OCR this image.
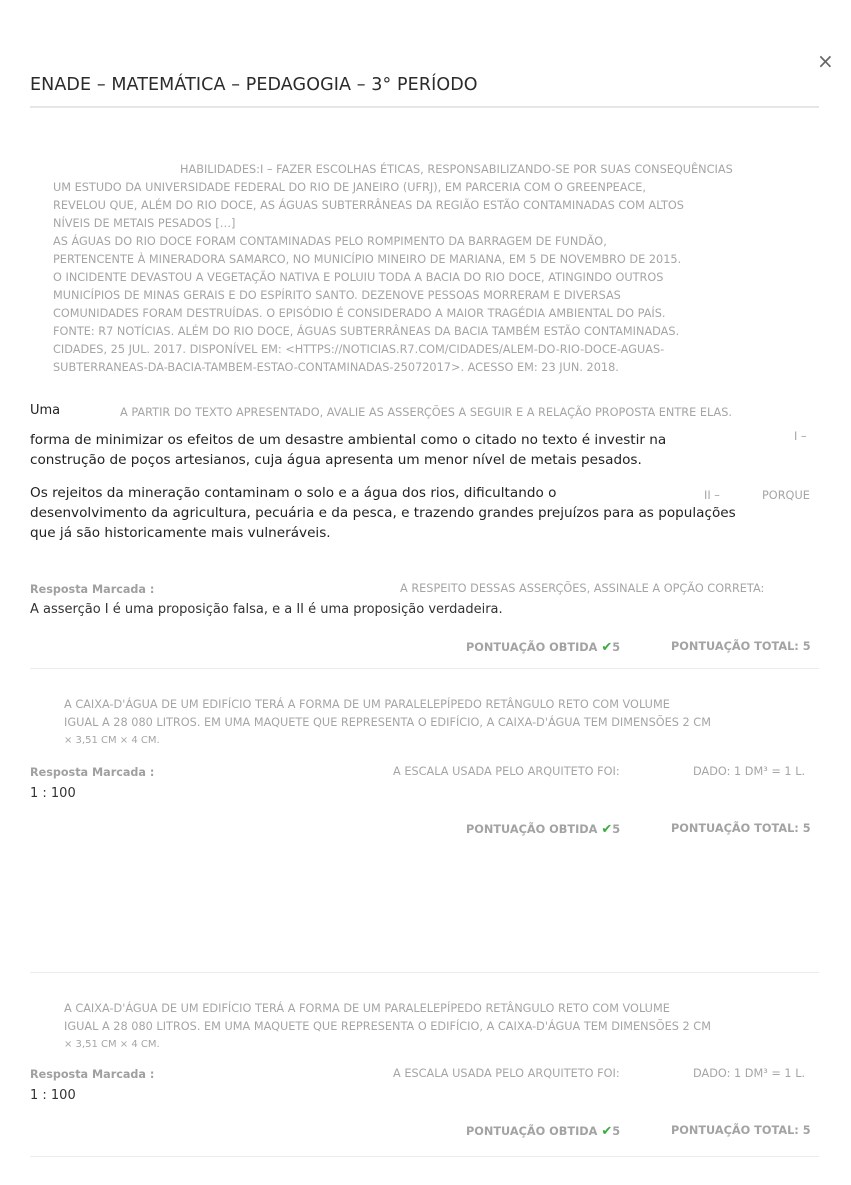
×
ENADE – MATEMÁTICA – PEDAGOGIA – 3° PERÍODO
HABILIDADES:I – FAZER ESCOLHAS ÉTICAS, RESPONSABILIZANDO-SE POR SUAS CONSEQUÊNCIAS
UM ESTUDO DA UNIVERSIDADE FEDERAL DO RIO DE JANEIRO (UFRJ), EM PARCERIA COM O GREENPEACE,
REVELOU QUE, ALÉM DO RIO DOCE, AS ÁGUAS SUBTERRÂNEAS DA REGIÃO ESTÃO CONTAMINADAS COM ALTOS
NÍVEIS DE METAIS PESADOS […]
AS ÁGUAS DO RIO DOCE FORAM CONTAMINADAS PELO ROMPIMENTO DA BARRAGEM DE FUNDÃO,
PERTENCENTE À MINERADORA SAMARCO, NO MUNICÍPIO MINEIRO DE MARIANA, EM 5 DE NOVEMBRO DE 2015.
O INCIDENTE DEVASTOU A VEGETAÇÃO NATIVA E POLUIU TODA A BACIA DO RIO DOCE, ATINGINDO OUTROS
MUNICÍPIOS DE MINAS GERAIS E DO ESPÍRITO SANTO. DEZENOVE PESSOAS MORRERAM E DIVERSAS
COMUNIDADES FORAM DESTRUÍDAS. O EPISÓDIO É CONSIDERADO A MAIOR TRAGÉDIA AMBIENTAL DO PAÍS.
FONTE: R7 NOTÍCIAS. ALÉM DO RIO DOCE, ÁGUAS SUBTERRÂNEAS DA BACIA TAMBÉM ESTÃO CONTAMINADAS.
CIDADES, 25 JUL. 2017. DISPONÍVEL EM: <HTTPS://NOTICIAS.R7.COM/CIDADES/ALEM-DO-RIO-DOCE-AGUAS-
SUBTERRANEAS-DA-BACIA-TAMBEM-ESTAO-CONTAMINADAS-25072017>. ACESSO EM: 23 JUN. 2018.
Uma	A PARTIR DO TEXTO APRESENTADO, AVALIE AS ASSERÇÕES A SEGUIR E A RELAÇÃO PROPOSTA ENTRE ELAS.
forma de minimizar os efeitos de um desastre ambiental como o citado no texto é investir na	I –
construção de poços artesianos, cuja água apresenta um menor nível de metais pesados.
Os rejeitos da mineração contaminam o solo e a água dos rios, dificultando o	II –	PORQUE
desenvolvimento da agricultura, pecuária e da pesca, e trazendo grandes prejuízos para as populações
que já são historicamente mais vulneráveis.
Resposta Marcada :	A RESPEITO DESSAS ASSERÇÕES, ASSINALE A OPÇÃO CORRETA:
A asserção I é uma proposição falsa, e a II é uma proposição verdadeira.
PONTUAÇÃO OBTIDA ✔5	PONTUAÇÃO TOTAL: 5
A CAIXA-D'ÁGUA DE UM EDIFÍCIO TERÁ A FORMA DE UM PARALELEPÍPEDO RETÂNGULO RETO COM VOLUME
IGUAL A 28 080 LITROS. EM UMA MAQUETE QUE REPRESENTA O EDIFÍCIO, A CAIXA-D'ÁGUA TEM DIMENSÕES 2 CM
× 3,51 CM × 4 CM.
Resposta Marcada :	A ESCALA USADA PELO ARQUITETO FOI:	DADO: 1 DM³ = 1 L.
1 : 100
PONTUAÇÃO OBTIDA ✔5	PONTUAÇÃO TOTAL: 5
A CAIXA-D'ÁGUA DE UM EDIFÍCIO TERÁ A FORMA DE UM PARALELEPÍPEDO RETÂNGULO RETO COM VOLUME
IGUAL A 28 080 LITROS. EM UMA MAQUETE QUE REPRESENTA O EDIFÍCIO, A CAIXA-D'ÁGUA TEM DIMENSÕES 2 CM
× 3,51 CM × 4 CM.
Resposta Marcada :	A ESCALA USADA PELO ARQUITETO FOI:	DADO: 1 DM³ = 1 L.
1 : 100
PONTUAÇÃO OBTIDA ✔5	PONTUAÇÃO TOTAL: 5
